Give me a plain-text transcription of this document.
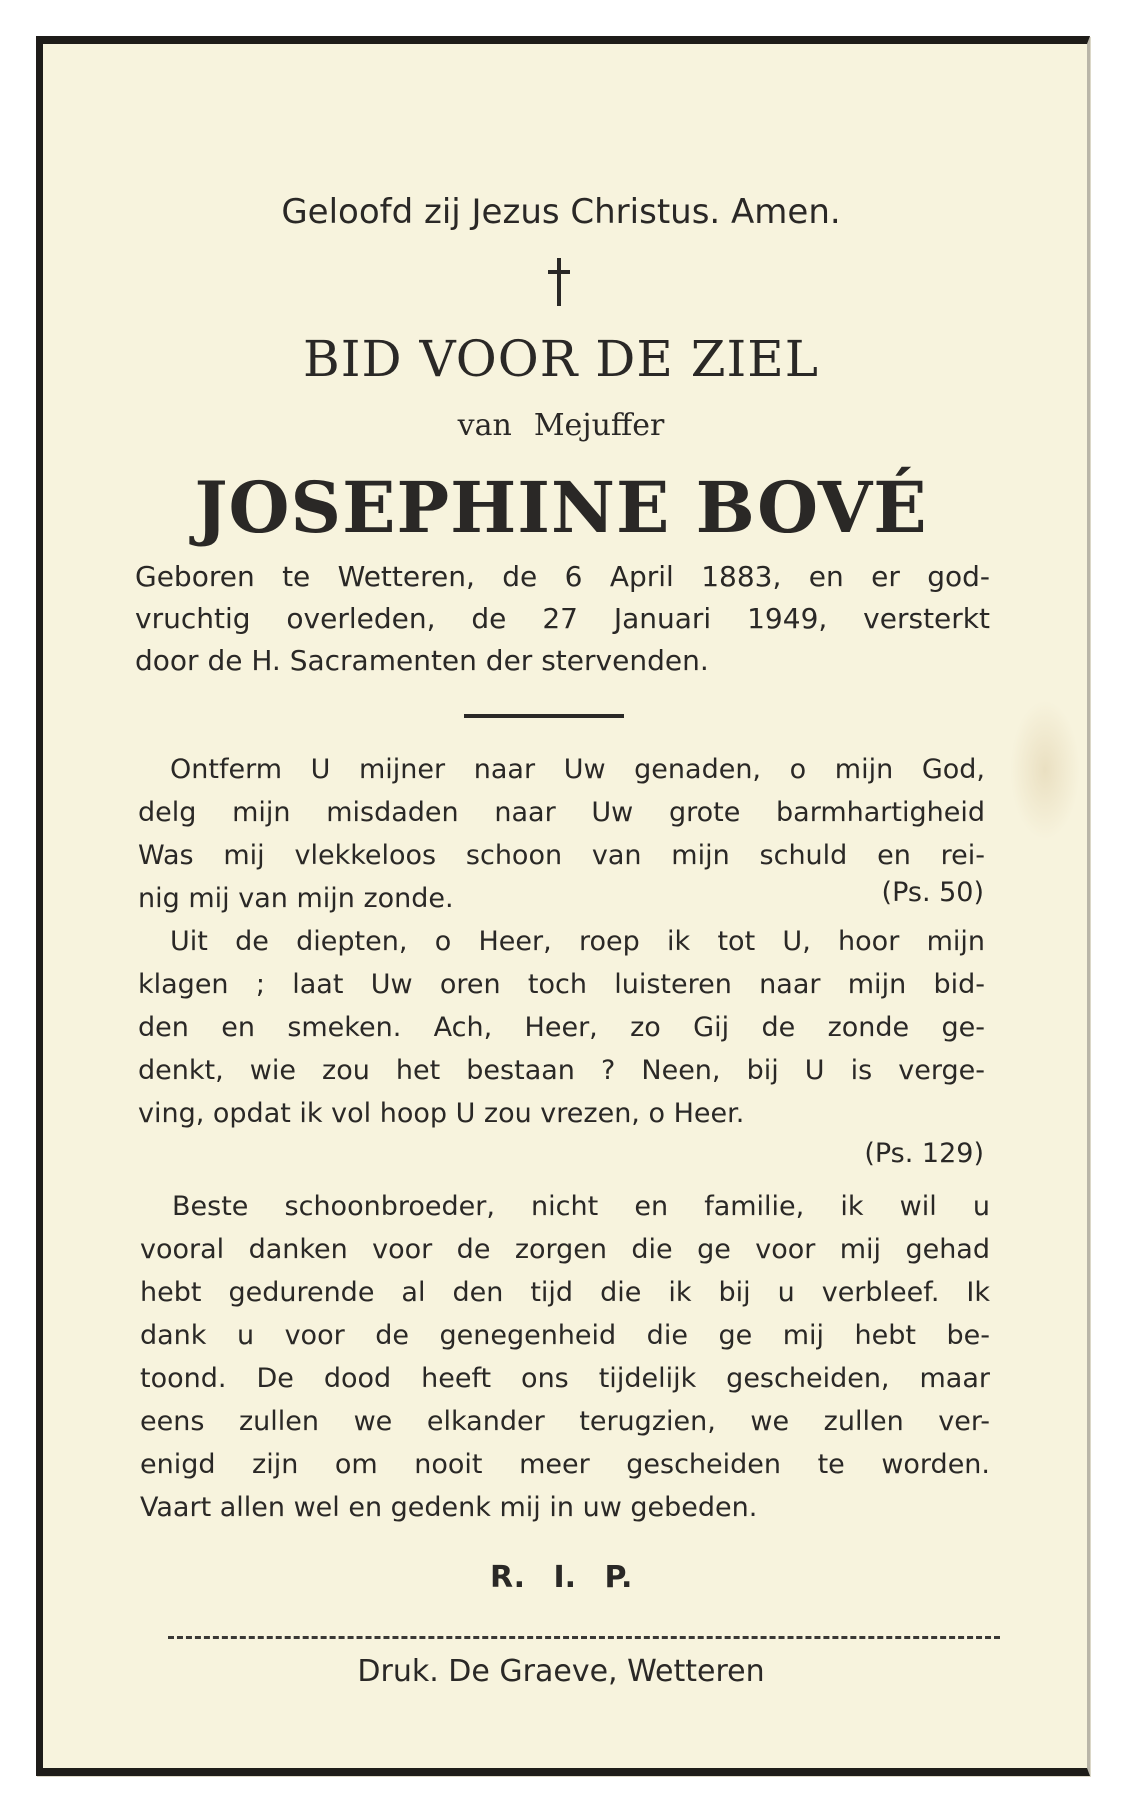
Geloofd zij Jezus Christus. Amen.
BID VOOR DE ZIEL
van Mejuffer
JOSEPHINE BOVÉ
Geboren te Wetteren, de 6 April 1883, en er god-
vruchtig overleden, de 27 Januari 1949, versterkt
door de H. Sacramenten der stervenden.
Ontferm U mijner naar Uw genaden, o mijn God,
delg mijn misdaden naar Uw grote barmhartigheid
Was mij vlekkeloos schoon van mijn schuld en rei-
nig mij van mijn zonde.	(Ps. 50)
Uit de diepten, o Heer, roep ik tot U, hoor mijn
klagen ; laat Uw oren toch luisteren naar mijn bid-
den en smeken. Ach, Heer, zo Gij de zonde ge-
denkt, wie zou het bestaan ? Neen, bij U is verge-
ving, opdat ik vol hoop U zou vrezen, o Heer.
(Ps. 129)
Beste schoonbroeder, nicht en familie, ik wil u
vooral danken voor de zorgen die ge voor mij gehad
hebt gedurende al den tijd die ik bij u verbleef. Ik
dank u voor de genegenheid die ge mij hebt be-
toond. De dood heeft ons tijdelijk gescheiden, maar
eens zullen we elkander terugzien, we zullen ver-
enigd zijn om nooit meer gescheiden te worden.
Vaart allen wel en gedenk mij in uw gebeden.
R. I. P.
Druk. De Graeve, Wetteren
